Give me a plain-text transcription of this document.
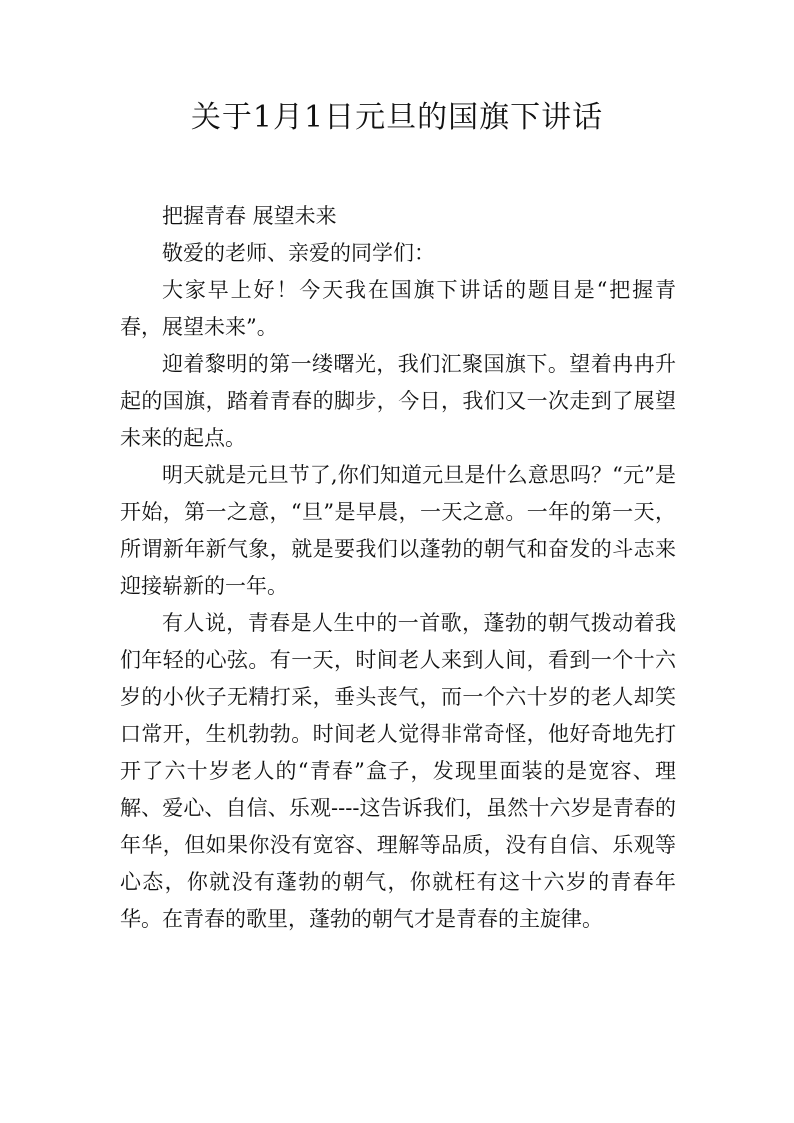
关于1月1日元旦的国旗下讲话

把握青春 展望未来

敬爱的老师、亲爱的同学们：

大家早上好！今天我在国旗下讲话的题目是“把握青春，展望未来”。

迎着黎明的第一缕曙光，我们汇聚国旗下。望着冉冉升起的国旗，踏着青春的脚步，今日，我们又一次走到了展望未来的起点。

明天就是元旦节了,你们知道元旦是什么意思吗？“元”是开始，第一之意，“旦”是早晨，一天之意。一年的第一天，所谓新年新气象，就是要我们以蓬勃的朝气和奋发的斗志来迎接崭新的一年。

有人说，青春是人生中的一首歌，蓬勃的朝气拨动着我们年轻的心弦。有一天，时间老人来到人间，看到一个十六岁的小伙子无精打采，垂头丧气，而一个六十岁的老人却笑口常开，生机勃勃。时间老人觉得非常奇怪，他好奇地先打开了六十岁老人的“青春”盒子，发现里面装的是宽容、理解、爱心、自信、乐观----这告诉我们，虽然十六岁是青春的年华，但如果你没有宽容、理解等品质，没有自信、乐观等心态，你就没有蓬勃的朝气，你就枉有这十六岁的青春年华。在青春的歌里，蓬勃的朝气才是青春的主旋律。
